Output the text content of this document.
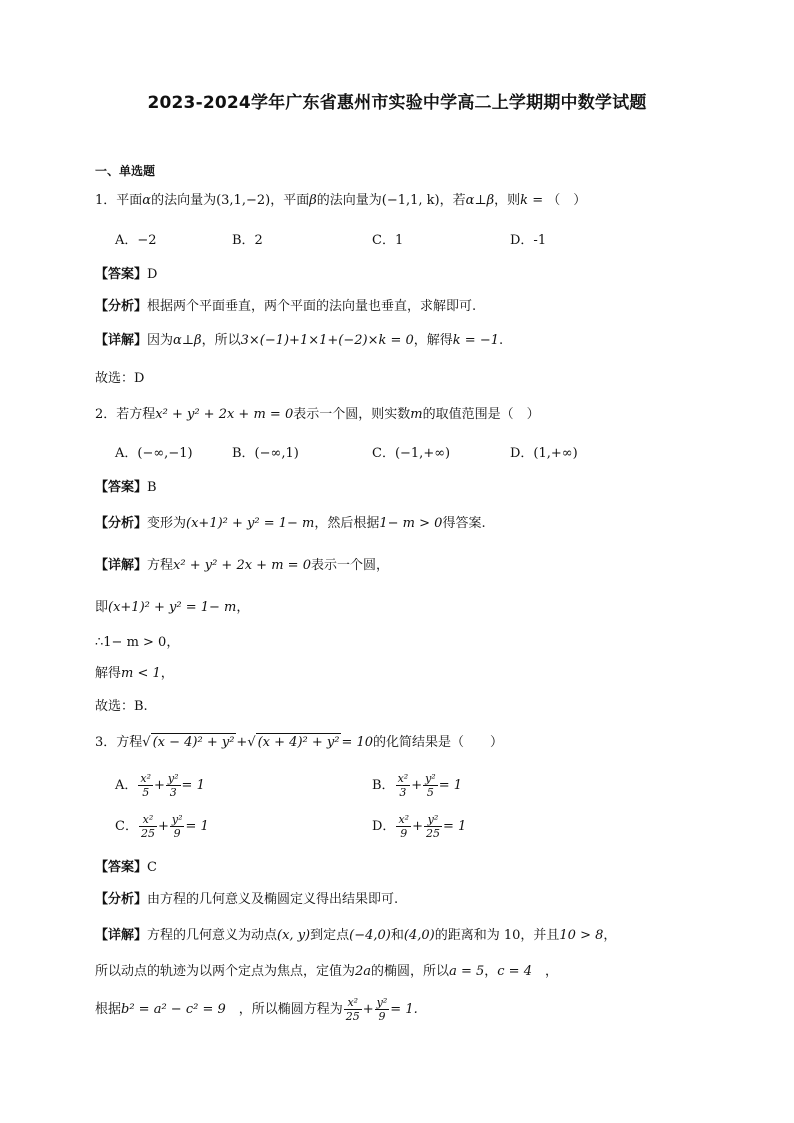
2023-2024学年广东省惠州市实验中学高二上学期期中数学试题
一、单选题
1．平面α的法向量为(3,1,−2)，平面β的法向量为(−1,1, k)，若α⊥β，则k = （　）
A．−2	B．2	C．1	D．-1
【答案】D
【分析】根据两个平面垂直，两个平面的法向量也垂直，求解即可.
【详解】因为α⊥β，所以3×(−1)+1×1+(−2)×k = 0，解得k = −1.
故选：D
2．若方程x² + y² + 2x + m = 0表示一个圆，则实数m的取值范围是（　）
A．(−∞,−1)	B．(−∞,1)	C．(−1,+∞)	D．(1,+∞)
【答案】B
【分析】变形为(x+1)² + y² = 1− m，然后根据1− m > 0得答案.
【详解】方程x² + y² + 2x + m = 0表示一个圆，
即(x+1)² + y² = 1− m，
∴1− m > 0，
解得m < 1，
故选：B.
3．方程√ (x − 4)² + y² +√ (x + 4)² + y² = 10的化简结果是（　　）
A． $\frac{\text{x²}}{5} + \frac{\text{y²}}{3} = 1$	B． $\frac{\text{x²}}{3} + \frac{\text{y²}}{5} = 1$
C． $\frac{\text{x²}}{25} + \frac{\text{y²}}{9} = 1$	D． $\frac{\text{x²}}{9} + \frac{\text{y²}}{25} = 1$
【答案】C
【分析】由方程的几何意义及椭圆定义得出结果即可.
【详解】方程的几何意义为动点(x, y)到定点(−4,0)和(4,0)的距离和为 10，并且10 > 8，
所以动点的轨迹为以两个定点为焦点，定值为2a的椭圆，所以a = 5，c = 4　，
根据b² = a² − c² = 9　，所以椭圆方程为 $\frac{\text{x²}}{25} + \frac{\text{y²}}{9} = 1$.
